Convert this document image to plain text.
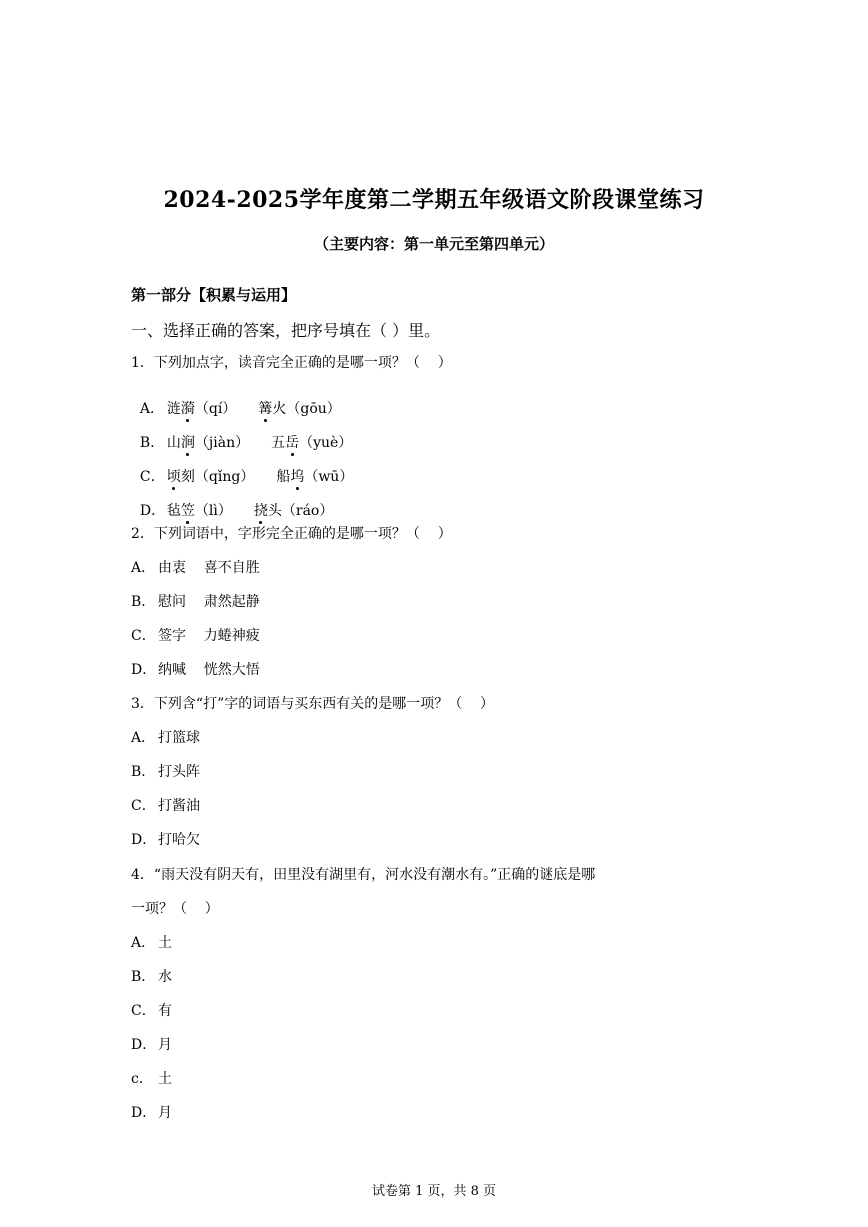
2024-2025学年度第二学期五年级语文阶段课堂练习
（主要内容：第一单元至第四单元）
第一部分【积累与运用】
一、选择正确的答案，把序号填在（ ）里。
1．下列加点字，读音完全正确的是哪一项？（    ）

A． 涟漪（qí） 篝火（gōu）

B． 山涧（jiàn） 五岳（yuè）

C． 顷刻（qǐng） 船坞（wū）

D． 毡笠（lì） 挠头（ráo）

2．下列词语中，字形完全正确的是哪一项？（    ）
A． 由衷    喜不自胜
B． 慰问    肃然起静
C． 签字    力蜷神疲
D． 纳喊    恍然大悟
3．下列含“打”字的词语与买东西有关的是哪一项？（    ）
A． 打篮球
B． 打头阵
C． 打酱油
D． 打哈欠
4．“雨天没有阴天有，田里没有湖里有，河水没有潮水有。”正确的谜底是哪
一项？（    ）
A． 土
B． 水
C． 有
D． 月
c． 土
D． 月
试卷第 1 页，共 8 页
